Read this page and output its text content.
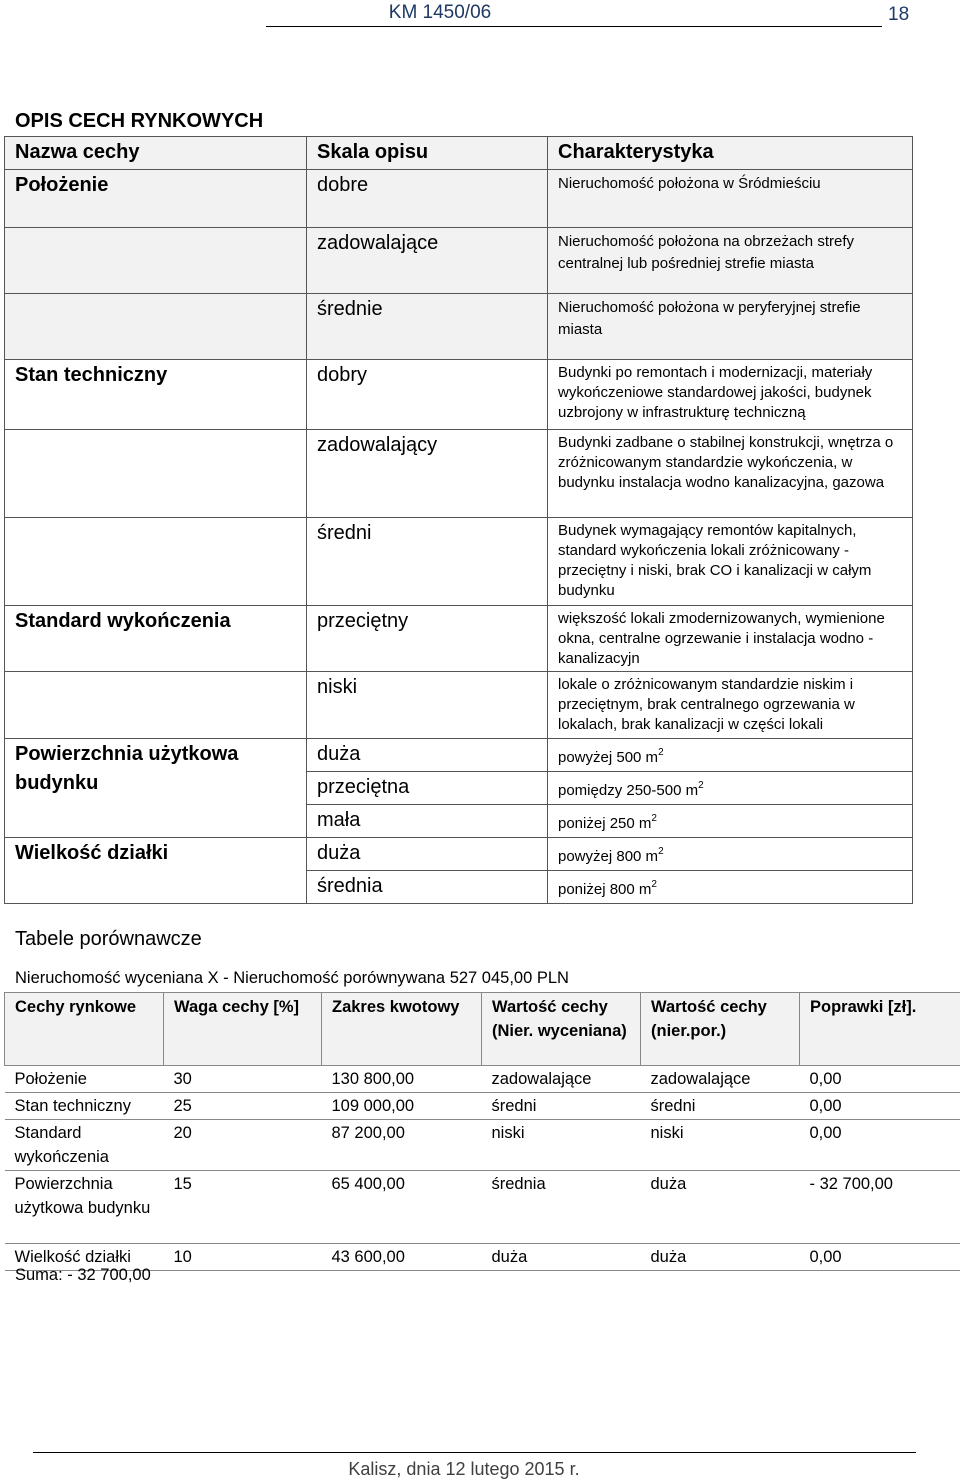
KM 1450/06	18
OPIS CECH RYNKOWYCH
Nazwa cechy	Skala opisu	Charakterystyka
Położenie	dobre	Nieruchomość położona w Śródmieściu
	zadowalające	Nieruchomość położona na obrzeżach strefy centralnej lub pośredniej strefie miasta
	średnie	Nieruchomość położona w peryferyjnej strefie miasta
Stan techniczny	dobry	Budynki po remontach i modernizacji, materiały wykończeniowe standardowej jakości, budynek uzbrojony w infrastrukturę techniczną
	zadowalający	Budynki zadbane o stabilnej konstrukcji, wnętrza o zróżnicowanym standardzie wykończenia, w budynku instalacja wodno kanalizacyjna, gazowa
	średni	Budynek wymagający remontów kapitalnych, standard wykończenia lokali zróżnicowany - przeciętny i niski, brak CO i kanalizacji w całym budynku
Standard wykończenia	przeciętny	większość lokali zmodernizowanych, wymienione okna, centralne ogrzewanie i instalacja wodno - kanalizacyjn
	niski	lokale o zróżnicowanym standardzie niskim i przeciętnym, brak centralnego ogrzewania w lokalach, brak kanalizacji w części lokali
Powierzchnia użytkowa budynku	duża	powyżej 500 $m^2$
	przeciętna	pomiędzy 250-500 $m^2$
	mała	poniżej 250 $m^2$
Wielkość działki	duża	powyżej 800 $m^2$
	średnia	poniżej 800 $m^2$
Tabele porównawcze
Nieruchomość wyceniana X - Nieruchomość porównywana 527 045,00 PLN
Cechy rynkowe	Waga cechy [%]	Zakres kwotowy	Wartość cechy (Nier. wyceniana)	Wartość cechy (nier.por.)	Poprawki [zł].
Położenie	30	130 800,00	zadowalające	zadowalające	0,00
Stan techniczny	25	109 000,00	średni	średni	0,00
Standard wykończenia	20	87 200,00	niski	niski	0,00
Powierzchnia użytkowa budynku	15	65 400,00	średnia	duża	- 32 700,00
Wielkość działki	10	43 600,00	duża	duża	0,00
Suma: - 32 700,00
Kalisz, dnia 12 lutego 2015 r.
